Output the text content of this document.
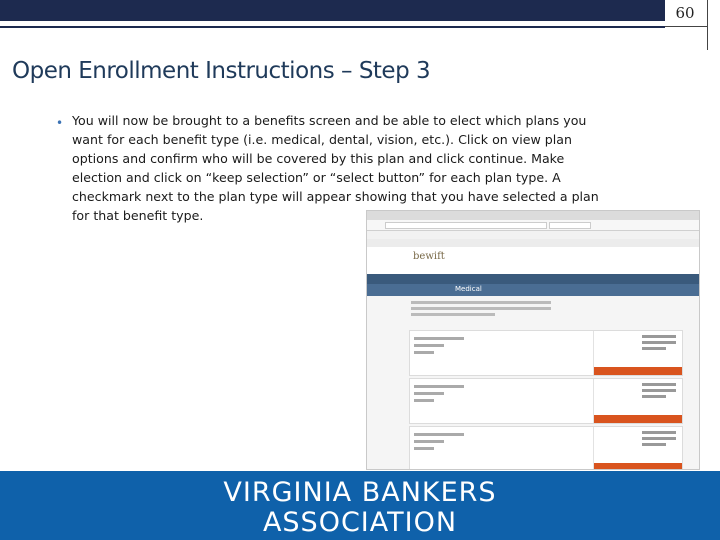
60
Open Enrollment Instructions – Step 3
• You will now be brought to a benefits screen and be able to elect which plans you want for each benefit type (i.e. medical, dental, vision, etc.). Click on view plan options and confirm who will be covered by this plan and click continue. Make election and click on “keep selection” or “select button” for each plan type. A checkmark next to the plan type will appear showing that you have selected a plan for that benefit type.
bewift
Medical
VIRGINIA BANKERS
ASSOCIATION
